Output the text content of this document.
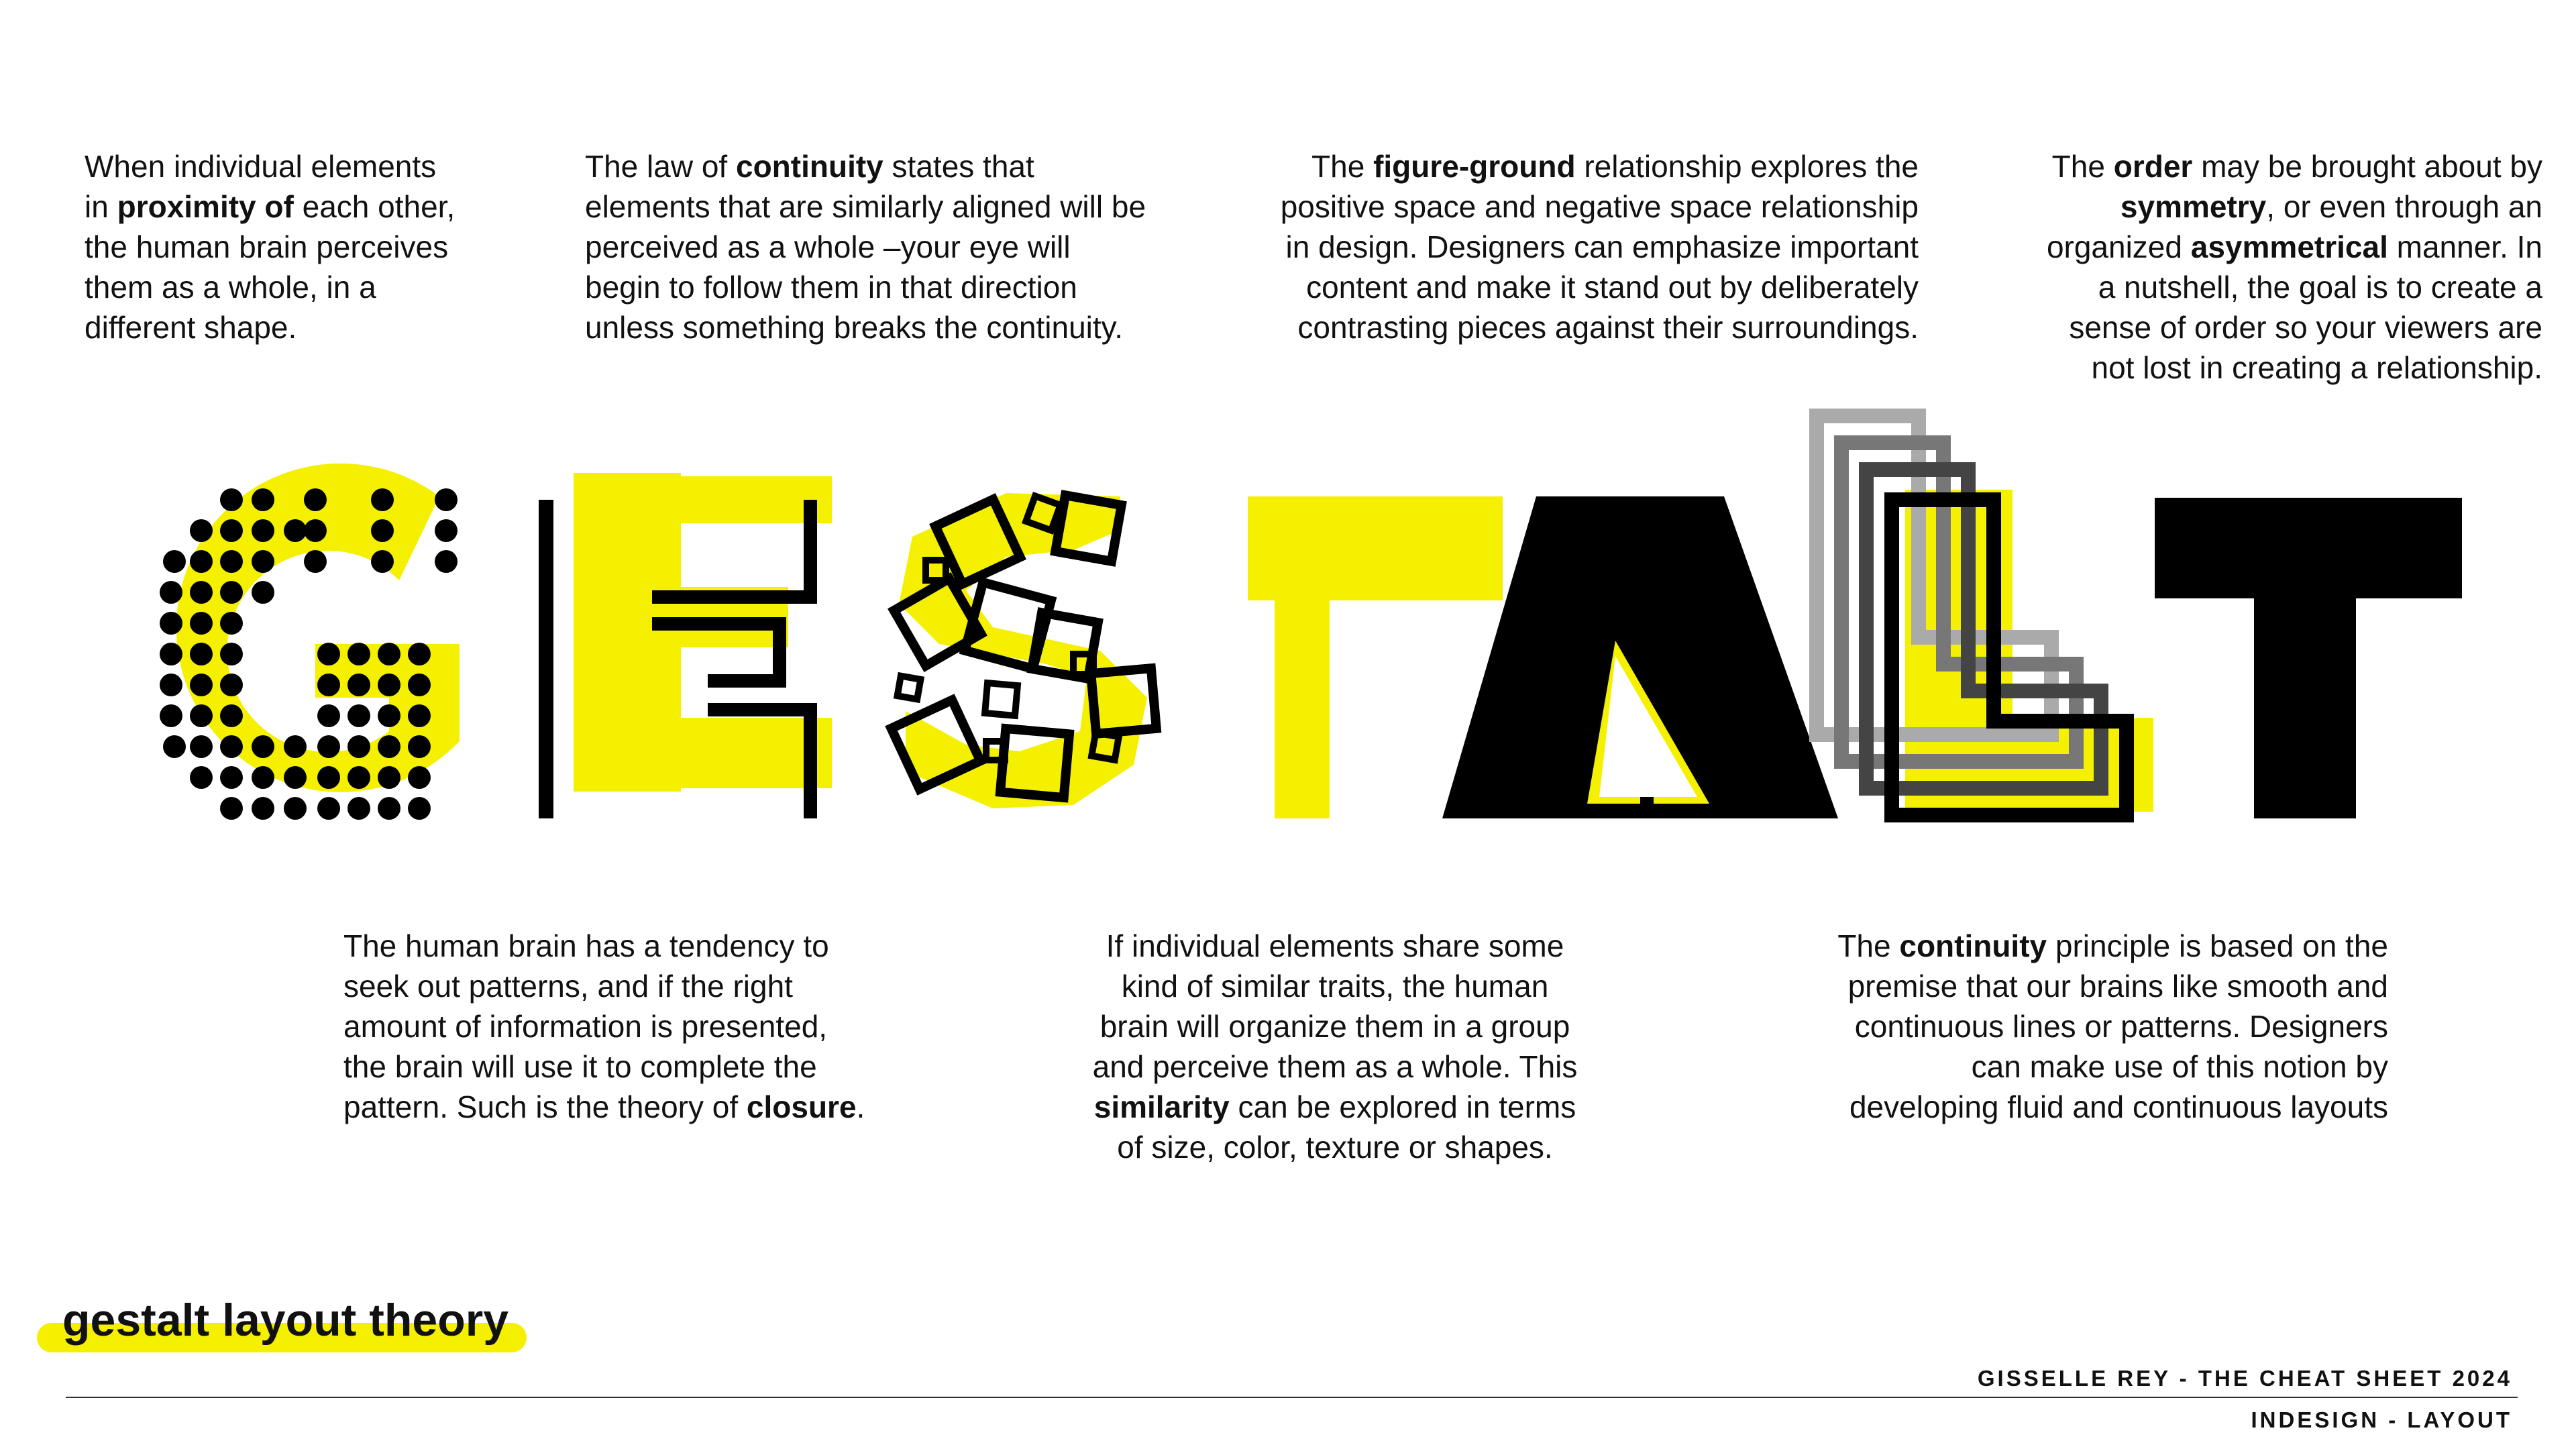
When individual elements
in proximity of each other,
the human brain perceives
them as a whole, in a
different shape.

The law of continuity states that
elements that are similarly aligned will be
perceived as a whole –your eye will
begin to follow them in that direction
unless something breaks the continuity.

The figure-ground relationship explores the
positive space and negative space relationship
in design. Designers can emphasize important
content and make it stand out by deliberately
contrasting pieces against their surroundings.

The order may be brought about by
symmetry, or even through an
organized asymmetrical manner. In
a nutshell, the goal is to create a
sense of order so your viewers are
not lost in creating a relationship.

The human brain has a tendency to
seek out patterns, and if the right
amount of information is presented,
the brain will use it to complete the
pattern. Such is the theory of closure.

If individual elements share some
kind of similar traits, the human
brain will organize them in a group
and perceive them as a whole. This
similarity can be explored in terms
of size, color, texture or shapes.

The continuity principle is based on the
premise that our brains like smooth and
continuous lines or patterns. Designers
can make use of this notion by
developing fluid and continuous layouts

gestalt layout theory

GISSELLE REY - THE CHEAT SHEET 2024

INDESIGN - LAYOUT
